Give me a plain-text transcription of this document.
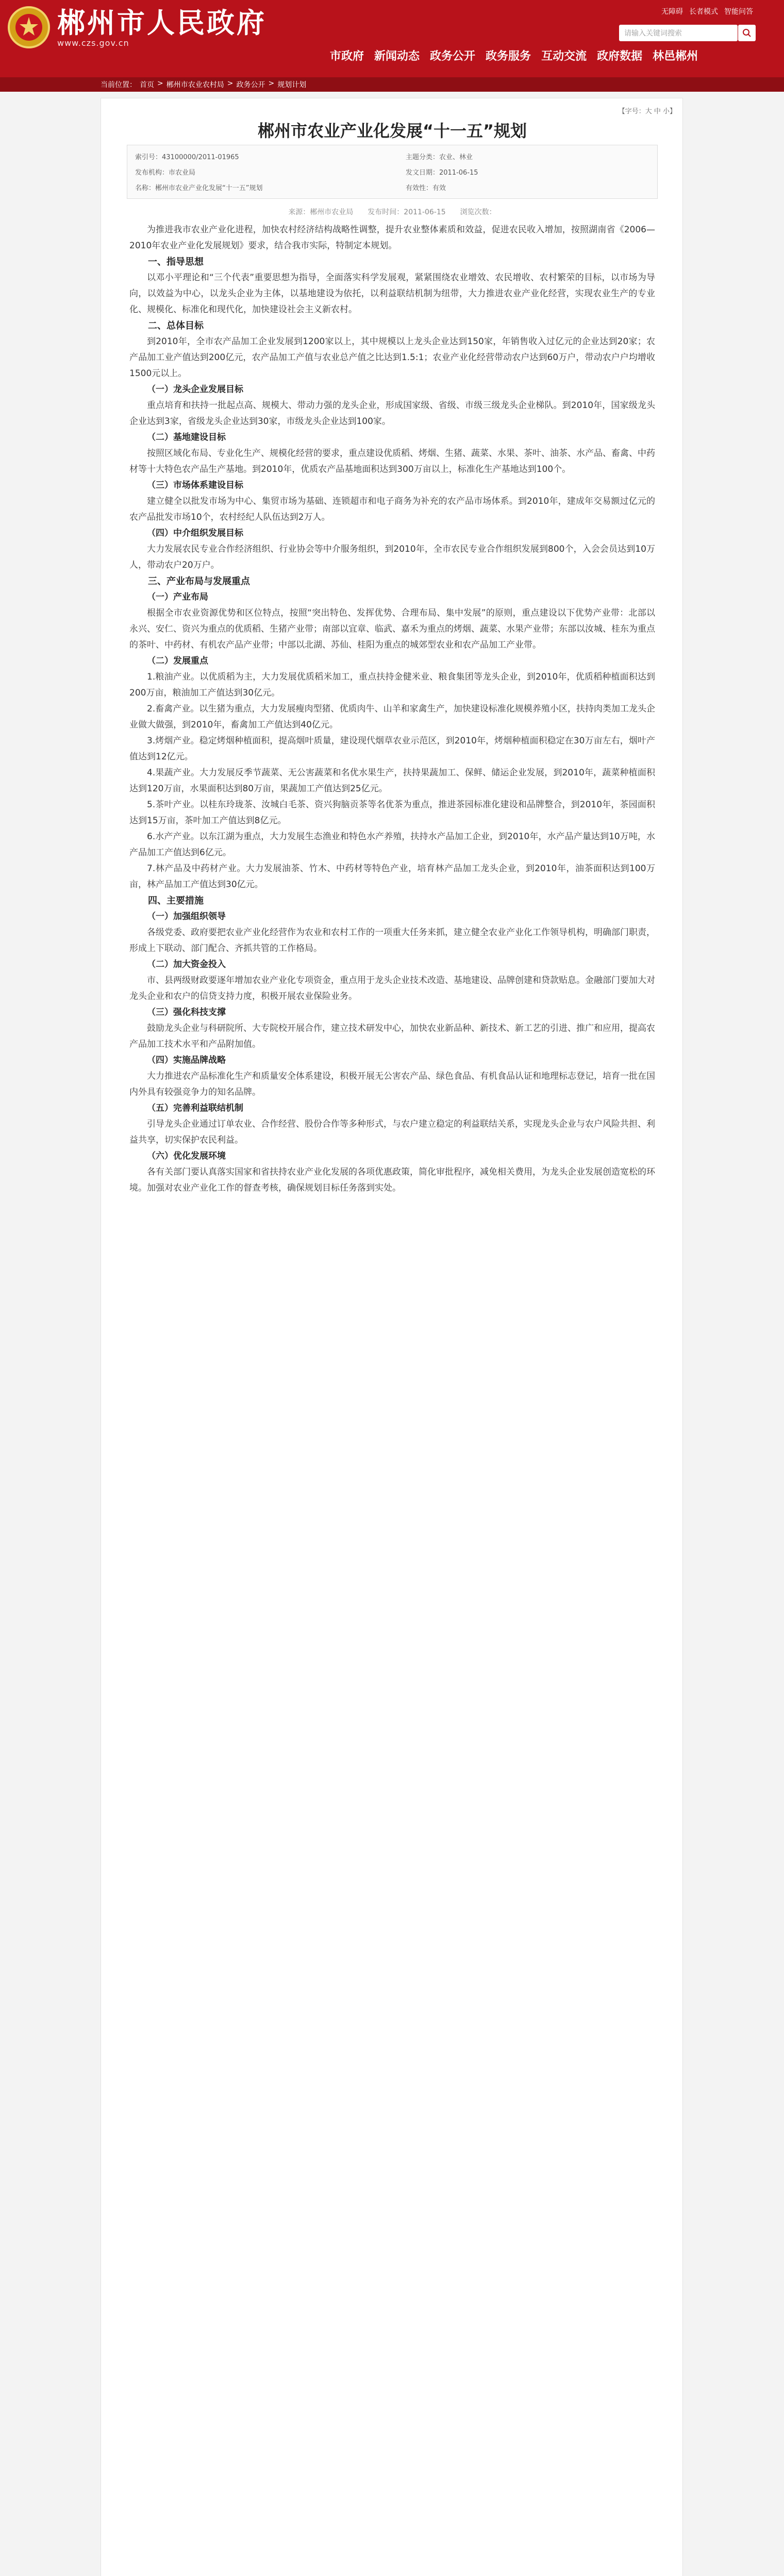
郴州市人民政府
www.czs.gov.cn
无障碍 长者模式 智能问答
请输入关键词搜索
市政府 新闻动态 政务公开 政务服务 互动交流 政府数据 林邑郴州
当前位置： 首页 > 郴州市农业农村局 > 政务公开 > 规划计划
【字号：大 中 小】
索引号：43100000/2011-01965	主题分类：农业、林业
发布机构：市农业局	发文日期：2011-06-15
名称：郴州市农业产业化发展“十一五”规划	有效性：有效
郴州市农业产业化发展“十一五”规划
来源：郴州市农业局　　发布时间：2011-06-15　　浏览次数：

为推进我市农业产业化进程，加快农村经济结构战略性调整，提升农业整体素质和效益，促进农民收入增加，按照湖南省《2006—2010年农业产业化发展规划》要求，结合我市实际，特制定本规划。

一、指导思想

以邓小平理论和“三个代表”重要思想为指导，全面落实科学发展观，紧紧围绕农业增效、农民增收、农村繁荣的目标，以市场为导向，以效益为中心，以龙头企业为主体，以基地建设为依托，以利益联结机制为纽带，大力推进农业产业化经营，实现农业生产的专业化、规模化、标准化和现代化，加快建设社会主义新农村。

二、总体目标

到2010年，全市农产品加工企业发展到1200家以上，其中规模以上龙头企业达到150家，年销售收入过亿元的企业达到20家；农产品加工业产值达到200亿元，农产品加工产值与农业总产值之比达到1.5:1；农业产业化经营带动农户达到60万户，带动农户户均增收1500元以上。

（一）龙头企业发展目标

重点培育和扶持一批起点高、规模大、带动力强的龙头企业，形成国家级、省级、市级三级龙头企业梯队。到2010年，国家级龙头企业达到3家，省级龙头企业达到30家，市级龙头企业达到100家。

（二）基地建设目标

按照区域化布局、专业化生产、规模化经营的要求，重点建设优质稻、烤烟、生猪、蔬菜、水果、茶叶、油茶、水产品、畜禽、中药材等十大特色农产品生产基地。到2010年，优质农产品基地面积达到300万亩以上，标准化生产基地达到100个。

（三）市场体系建设目标

建立健全以批发市场为中心、集贸市场为基础、连锁超市和电子商务为补充的农产品市场体系。到2010年，建成年交易额过亿元的农产品批发市场10个，农村经纪人队伍达到2万人。

（四）中介组织发展目标

大力发展农民专业合作经济组织、行业协会等中介服务组织，到2010年，全市农民专业合作组织发展到800个，入会会员达到10万人，带动农户20万户。

三、产业布局与发展重点
（一）产业布局

根据全市农业资源优势和区位特点，按照“突出特色、发挥优势、合理布局、集中发展”的原则，重点建设以下优势产业带：北部以永兴、安仁、资兴为重点的优质稻、生猪产业带；南部以宜章、临武、嘉禾为重点的烤烟、蔬菜、水果产业带；东部以汝城、桂东为重点的茶叶、中药材、有机农产品产业带；中部以北湖、苏仙、桂阳为重点的城郊型农业和农产品加工产业带。

（二）发展重点

1.粮油产业。以优质稻为主，大力发展优质稻米加工，重点扶持金健米业、粮食集团等龙头企业，到2010年，优质稻种植面积达到200万亩，粮油加工产值达到30亿元。

2.畜禽产业。以生猪为重点，大力发展瘦肉型猪、优质肉牛、山羊和家禽生产，加快建设标准化规模养殖小区，扶持肉类加工龙头企业做大做强，到2010年，畜禽加工产值达到40亿元。

3.烤烟产业。稳定烤烟种植面积，提高烟叶质量，建设现代烟草农业示范区，到2010年，烤烟种植面积稳定在30万亩左右，烟叶产值达到12亿元。

4.果蔬产业。大力发展反季节蔬菜、无公害蔬菜和名优水果生产，扶持果蔬加工、保鲜、储运企业发展，到2010年，蔬菜种植面积达到120万亩，水果面积达到80万亩，果蔬加工产值达到25亿元。

5.茶叶产业。以桂东玲珑茶、汝城白毛茶、资兴狗脑贡茶等名优茶为重点，推进茶园标准化建设和品牌整合，到2010年，茶园面积达到15万亩，茶叶加工产值达到8亿元。

6.水产产业。以东江湖为重点，大力发展生态渔业和特色水产养殖，扶持水产品加工企业，到2010年，水产品产量达到10万吨，水产品加工产值达到6亿元。

7.林产品及中药材产业。大力发展油茶、竹木、中药材等特色产业，培育林产品加工龙头企业，到2010年，油茶面积达到100万亩，林产品加工产值达到30亿元。

四、主要措施
（一）加强组织领导

各级党委、政府要把农业产业化经营作为农业和农村工作的一项重大任务来抓，建立健全农业产业化工作领导机构，明确部门职责，形成上下联动、部门配合、齐抓共管的工作格局。

（二）加大资金投入

市、县两级财政要逐年增加农业产业化专项资金，重点用于龙头企业技术改造、基地建设、品牌创建和贷款贴息。金融部门要加大对龙头企业和农户的信贷支持力度，积极开展农业保险业务。

（三）强化科技支撑

鼓励龙头企业与科研院所、大专院校开展合作，建立技术研发中心，加快农业新品种、新技术、新工艺的引进、推广和应用，提高农产品加工技术水平和产品附加值。

（四）实施品牌战略

大力推进农产品标准化生产和质量安全体系建设，积极开展无公害农产品、绿色食品、有机食品认证和地理标志登记，培育一批在国内外具有较强竞争力的知名品牌。

（五）完善利益联结机制

引导龙头企业通过订单农业、合作经营、股份合作等多种形式，与农户建立稳定的利益联结关系，实现龙头企业与农户风险共担、利益共享，切实保护农民利益。

（六）优化发展环境

各有关部门要认真落实国家和省扶持农业产业化发展的各项优惠政策，简化审批程序，减免相关费用，为龙头企业发展创造宽松的环境。加强对农业产业化工作的督查考核，确保规划目标任务落到实处。
